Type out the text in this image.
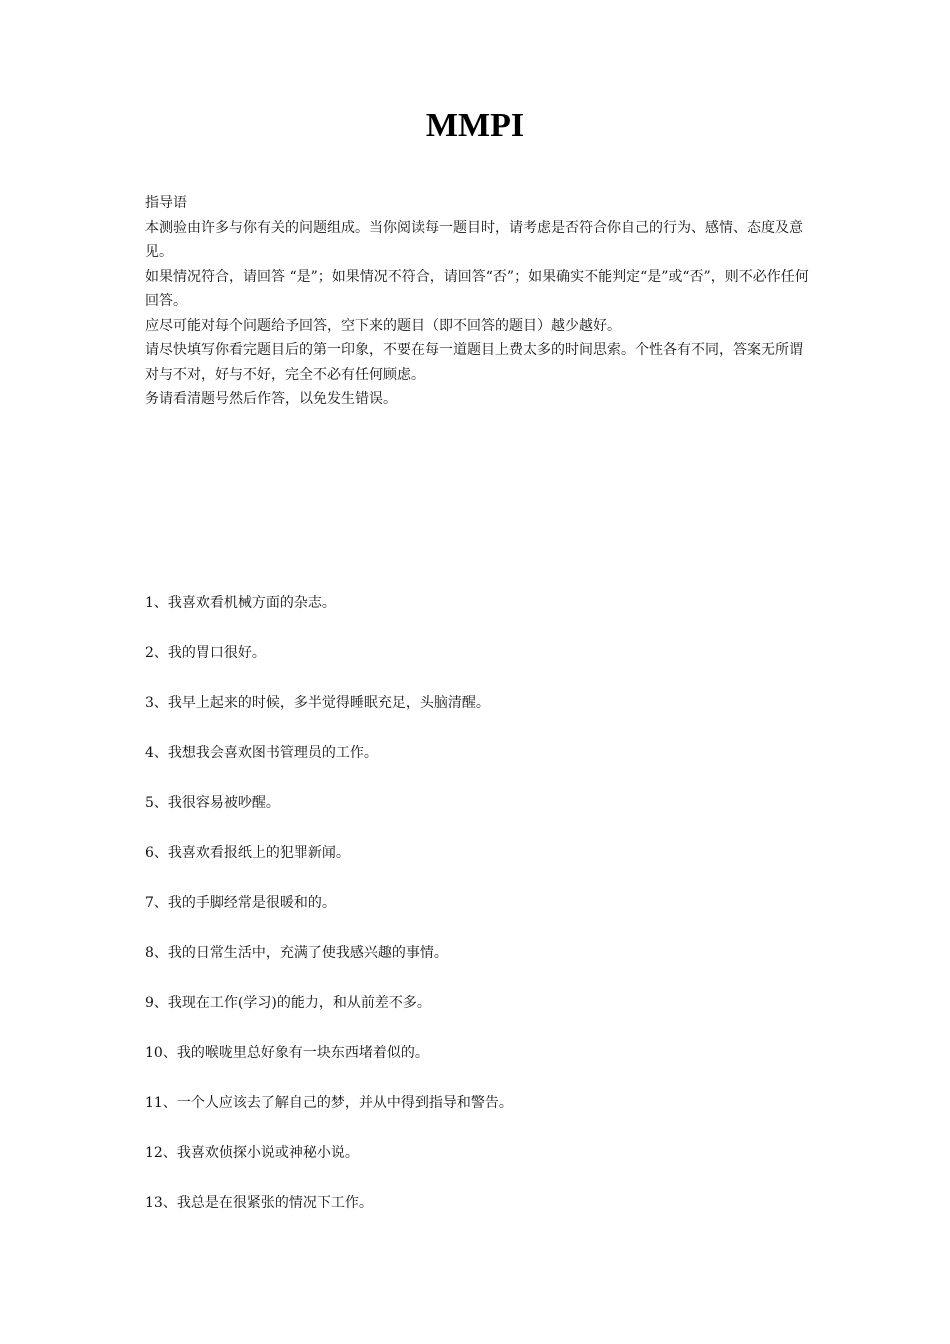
MMPI

指导语

本测验由许多与你有关的问题组成。当你阅读每一题目时，请考虑是否符合你自己的行为、感情、态度及意见。

如果情况符合，请回答 “是”；如果情况不符合，请回答“否”；如果确实不能判定“是”或“否”，则不必作任何回答。

应尽可能对每个问题给予回答，空下来的题目（即不回答的题目）越少越好。

请尽快填写你看完题目后的第一印象，不要在每一道题目上费太多的时间思索。个性各有不同，答案无所谓对与不对，好与不好，完全不必有任何顾虑。

务请看清题号然后作答，以免发生错误。

1、我喜欢看机械方面的杂志。
2、我的胃口很好。
3、我早上起来的时候，多半觉得睡眠充足，头脑清醒。
4、我想我会喜欢图书管理员的工作。
5、我很容易被吵醒。
6、我喜欢看报纸上的犯罪新闻。
7、我的手脚经常是很暖和的。
8、我的日常生活中，充满了使我感兴趣的事情。
9、我现在工作(学习)的能力，和从前差不多。
10、我的喉咙里总好象有一块东西堵着似的。
11、一个人应该去了解自己的梦，并从中得到指导和警告。
12、我喜欢侦探小说或神秘小说。
13、我总是在很紧张的情况下工作。
